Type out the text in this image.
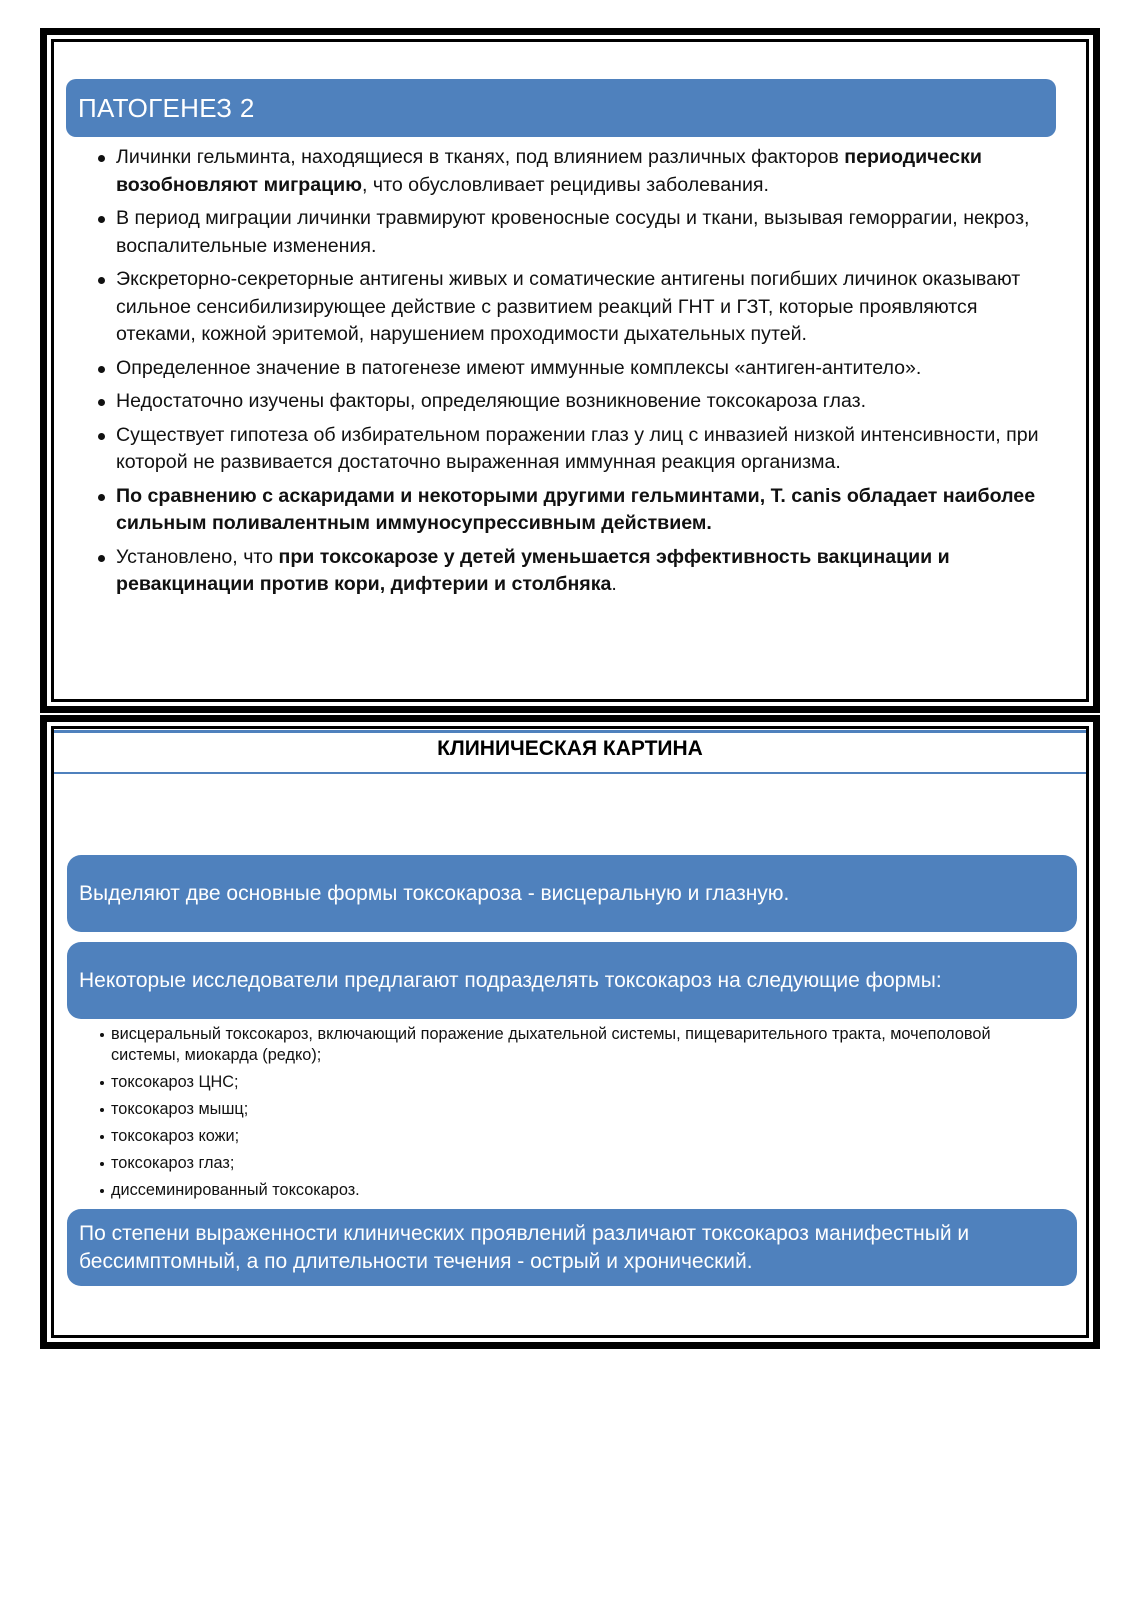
ПАТОГЕНЕЗ 2
Личинки гельминта, находящиеся в тканях, под влиянием различных факторов периодически возобновляют миграцию, что обусловливает рецидивы заболевания.
В период миграции личинки травмируют кровеносные сосуды и ткани, вызывая геморрагии, некроз, воспалительные изменения.
Экскреторно-секреторные антигены живых и соматические антигены погибших личинок оказывают сильное сенсибилизирующее действие с развитием реакций ГНТ и ГЗТ, которые проявляются отеками, кожной эритемой, нарушением проходимости дыхательных путей.
Определенное значение в патогенезе имеют иммунные комплексы «антиген-антитело».
Недостаточно изучены факторы, определяющие возникновение токсокароза глаз.
Существует гипотеза об избирательном поражении глаз у лиц с инвазией низкой интенсивности, при которой не развивается достаточно выраженная иммунная реакция организма.
По сравнению с аскаридами и некоторыми другими гельминтами, T. canis обладает наиболее сильным поливалентным иммуносупрессивным действием.
Установлено, что при токсокарозе у детей уменьшается эффективность вакцинации и ревакцинации против кори, дифтерии и столбняка.
КЛИНИЧЕСКАЯ КАРТИНА
Выделяют две основные формы токсокароза - висцеральную и глазную.
Некоторые исследователи предлагают подразделять токсокароз на следующие формы:
висцеральный токсокароз, включающий поражение дыхательной системы, пищеварительного тракта, мочеполовой системы, миокарда (редко);
токсокароз ЦНС;
токсокароз мышц;
токсокароз кожи;
токсокароз глаз;
диссеминированный токсокароз.
По степени выраженности клинических проявлений различают токсокароз манифестный и бессимптомный, а по длительности течения - острый и хронический.
